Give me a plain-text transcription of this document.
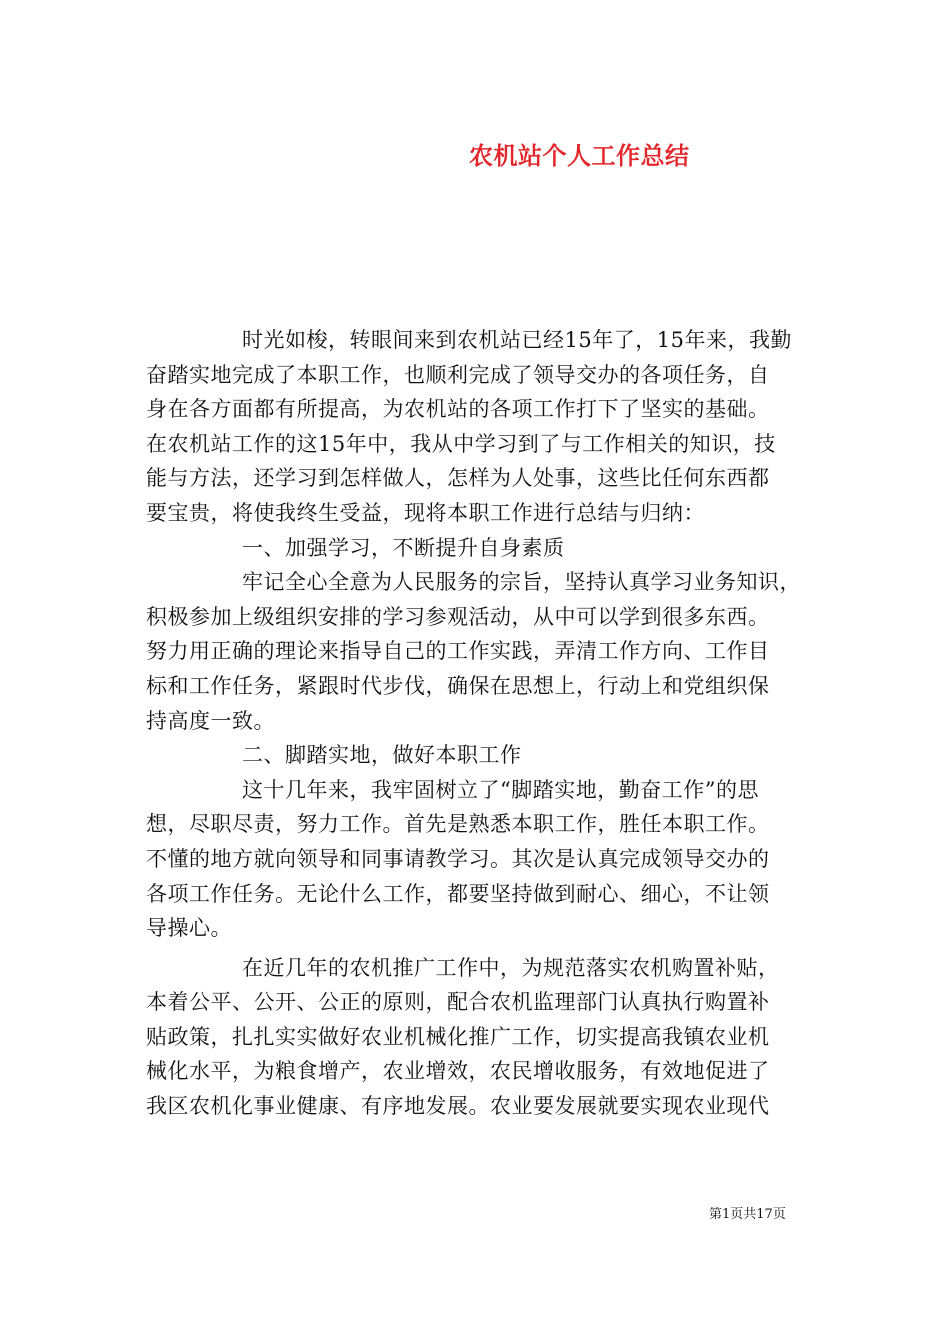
农机站个人工作总结
时光如梭，转眼间来到农机站已经15年了，15年来，我勤
奋踏实地完成了本职工作，也顺利完成了领导交办的各项任务，自
身在各方面都有所提高，为农机站的各项工作打下了坚实的基础。
在农机站工作的这15年中，我从中学习到了与工作相关的知识，技
能与方法，还学习到怎样做人，怎样为人处事，这些比任何东西都
要宝贵，将使我终生受益，现将本职工作进行总结与归纳：
一、加强学习，不断提升自身素质
牢记全心全意为人民服务的宗旨，坚持认真学习业务知识，
积极参加上级组织安排的学习参观活动，从中可以学到很多东西。
努力用正确的理论来指导自己的工作实践，弄清工作方向、工作目
标和工作任务，紧跟时代步伐，确保在思想上，行动上和党组织保
持高度一致。
二、脚踏实地，做好本职工作
这十几年来，我牢固树立了“脚踏实地，勤奋工作”的思
想，尽职尽责，努力工作。首先是熟悉本职工作，胜任本职工作。
不懂的地方就向领导和同事请教学习。其次是认真完成领导交办的
各项工作任务。无论什么工作，都要坚持做到耐心、细心，不让领
导操心。
在近几年的农机推广工作中，为规范落实农机购置补贴，
本着公平、公开、公正的原则，配合农机监理部门认真执行购置补
贴政策，扎扎实实做好农业机械化推广工作，切实提高我镇农业机
械化水平，为粮食增产，农业增效，农民增收服务，有效地促进了
我区农机化事业健康、有序地发展。农业要发展就要实现农业现代
第1页共17页
